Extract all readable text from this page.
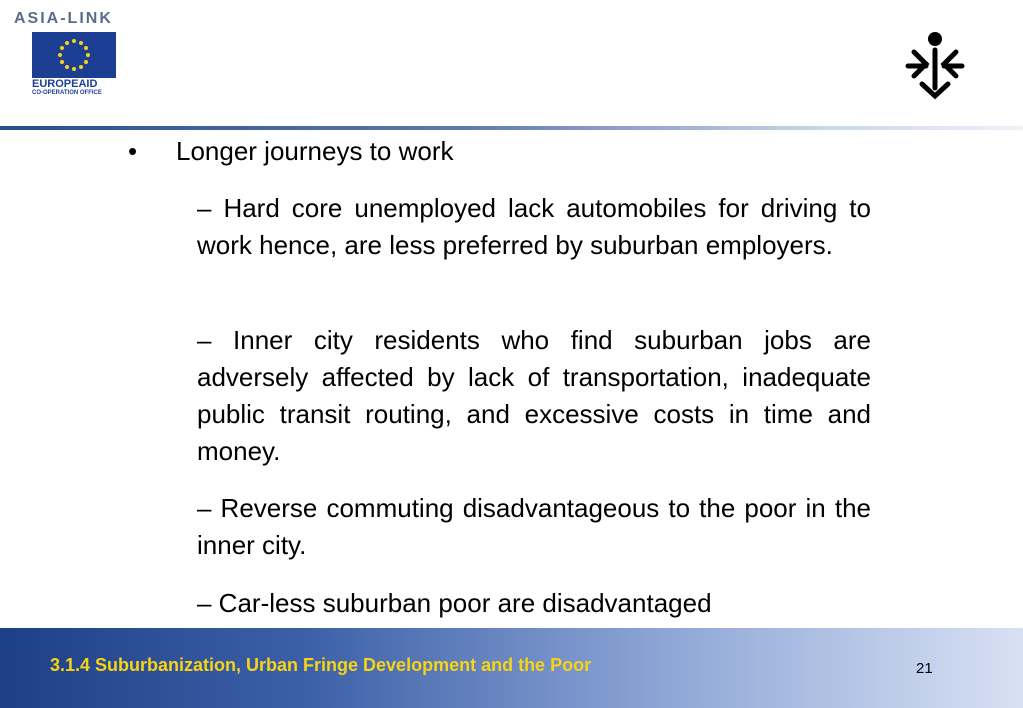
ASIA-LINK
EUROPEAID
CO-OPERATION OFFICE
• Longer journeys to work
– Hard core unemployed lack automobiles for driving to work hence, are less preferred by suburban employers.
– Inner city residents who find suburban jobs are adversely affected by lack of transportation, inadequate public transit routing, and excessive costs in time and money.
– Reverse commuting disadvantageous to the poor in the inner city.
– Car-less suburban poor are disadvantaged
3.1.4 Suburbanization, Urban Fringe Development and the Poor	21
